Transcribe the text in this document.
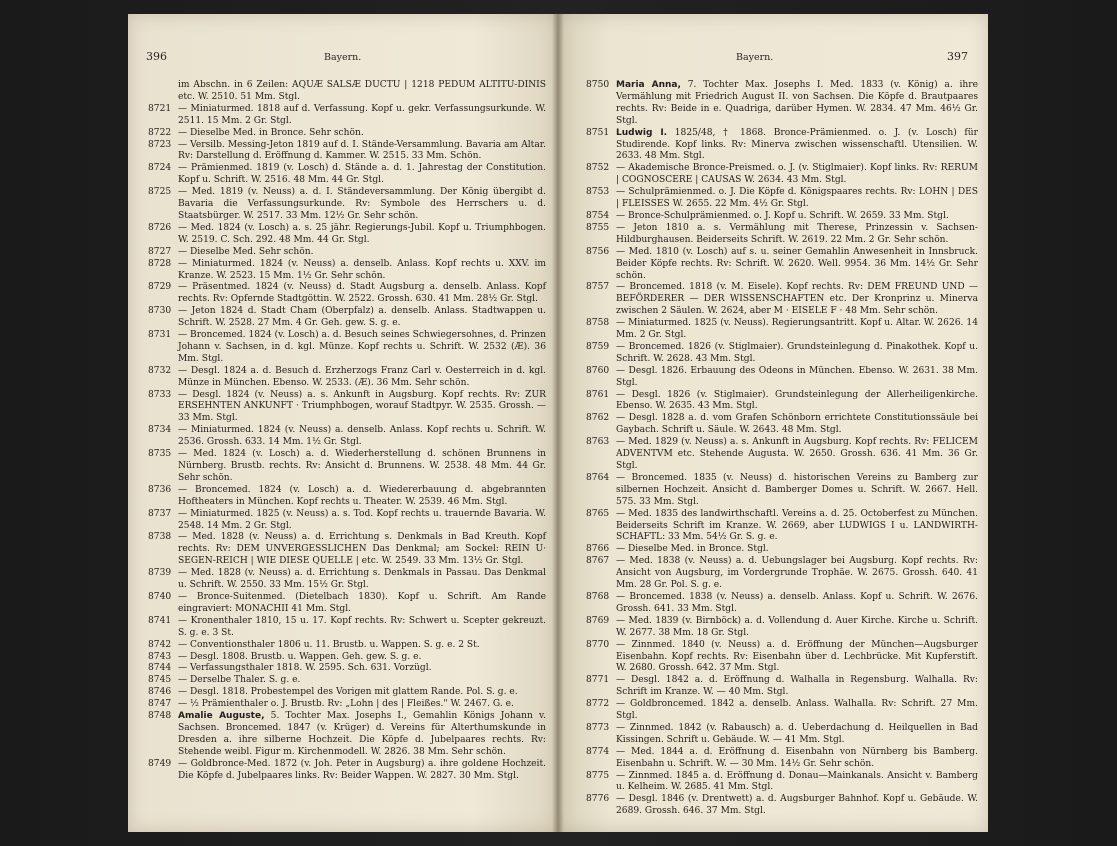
396	Bayern.
im Abschn. in 6 Zeilen: AQUÆ SALSÆ DUCTU | 1218 PEDUM ALTITU-DINIS etc. W. 2510. 51 Mm. Stgl.
8721 — Miniaturmed. 1818 auf d. Verfassung. Kopf u. gekr. Verfassungsurkunde. W. 2511. 15 Mm. 2 Gr. Stgl.
8722 — Dieselbe Med. in Bronce. Sehr schön.
8723 — Versilb. Messing-Jeton 1819 auf d. I. Stände-Versammlung. Bavaria am Altar. Rv: Darstellung d. Eröffnung d. Kammer. W. 2515. 33 Mm. Schön.
8724 — Prämienmed. 1819 (v. Losch) d. Stände a. d. 1. Jahrestag der Constitution. Kopf u. Schrift. W. 2516. 48 Mm. 44 Gr. Stgl.
8725 — Med. 1819 (v. Neuss) a. d. I. Ständeversammlung. Der König übergibt d. Bavaria die Verfassungsurkunde. Rv: Symbole des Herrschers u. d. Staatsbürger. W. 2517. 33 Mm. 12½ Gr. Sehr schön.
8726 — Med. 1824 (v. Losch) a. s. 25 jähr. Regierungs-Jubil. Kopf u. Triumphbogen. W. 2519. C. Sch. 292. 48 Mm. 44 Gr. Stgl.
8727 — Dieselbe Med. Sehr schön.
8728 — Miniaturmed. 1824 (v. Neuss) a. denselb. Anlass. Kopf rechts u. XXV. im Kranze. W. 2523. 15 Mm. 1½ Gr. Sehr schön.
8729 — Präsentmed. 1824 (v. Neuss) d. Stadt Augsburg a. denselb. Anlass. Kopf rechts. Rv: Opfernde Stadtgöttin. W. 2522. Grossh. 630. 41 Mm. 28½ Gr. Stgl.
8730 — Jeton 1824 d. Stadt Cham (Oberpfalz) a. denselb. Anlass. Stadtwappen u. Schrift. W. 2528. 27 Mm. 4 Gr. Geh. gew. S. g. e.
8731 — Broncemed. 1824 (v. Losch) a. d. Besuch seines Schwiegersohnes, d. Prinzen Johann v. Sachsen, in d. kgl. Münze. Kopf rechts u. Schrift. W. 2532 (Æ). 36 Mm. Stgl.
8732 — Desgl. 1824 a. d. Besuch d. Erzherzogs Franz Carl v. Oesterreich in d. kgl. Münze in München. Ebenso. W. 2533. (Æ). 36 Mm. Sehr schön.
8733 — Desgl. 1824 (v. Neuss) a. s. Ankunft in Augsburg. Kopf rechts. Rv: ZUR ERSEHNTEN ANKUNFT · Triumphbogen, worauf Stadtpyr. W. 2535. Grossh. — 33 Mm. Stgl.
8734 — Miniaturmed. 1824 (v. Neuss) a. denselb. Anlass. Kopf rechts u. Schrift. W. 2536. Grossh. 633. 14 Mm. 1½ Gr. Stgl.
8735 — Med. 1824 (v. Losch) a. d. Wiederherstellung d. schönen Brunnens in Nürnberg. Brustb. rechts. Rv: Ansicht d. Brunnens. W. 2538. 48 Mm. 44 Gr. Sehr schön.
8736 — Broncemed. 1824 (v. Losch) a. d. Wiedererbauung d. abgebrannten Hoftheaters in München. Kopf rechts u. Theater. W. 2539. 46 Mm. Stgl.
8737 — Miniaturmed. 1825 (v. Neuss) a. s. Tod. Kopf rechts u. trauernde Bavaria. W. 2548. 14 Mm. 2 Gr. Stgl.
8738 — Med. 1828 (v. Neuss) a. d. Errichtung s. Denkmals in Bad Kreuth. Kopf rechts. Rv: DEM UNVERGESSLICHEN Das Denkmal; am Sockel: REIN U· SEGEN-REICH | WIE DIESE QUELLE | etc. W. 2549. 33 Mm. 13½ Gr. Stgl.
8739 — Med. 1828 (v. Neuss) a. d. Errichtung s. Denkmals in Passau. Das Denkmal u. Schrift. W. 2550. 33 Mm. 15½ Gr. Stgl.
8740 — Bronce-Suitenmed. (Dietelbach 1830). Kopf u. Schrift. Am Rande eingraviert: MONACHII 41 Mm. Stgl.
8741 — Kronenthaler 1810, 15 u. 17. Kopf rechts. Rv: Schwert u. Scepter gekreuzt. S. g. e. 3 St.
8742 — Conventionsthaler 1806 u. 11. Brustb. u. Wappen. S. g. e. 2 St.
8743 — Desgl. 1808. Brustb. u. Wappen. Geh. gew. S. g. e.
8744 — Verfassungsthaler 1818. W. 2595. Sch. 631. Vorzügl.
8745 — Derselbe Thaler. S. g. e.
8746 — Desgl. 1818. Probestempel des Vorigen mit glattem Rande. Pol. S. g. e.
8747 — ½ Prämienthaler o. J. Brustb. Rv: „Lohn | des | Fleißes." W. 2467. G. e.
8748 Amalie Auguste, 5. Tochter Max. Josephs I., Gemahlin Königs Johann v. Sachsen. Broncemed. 1847 (v. Krüger) d. Vereins für Alterthumskunde in Dresden a. ihre silberne Hochzeit. Die Köpfe d. Jubelpaares rechts. Rv: Stehende weibl. Figur m. Kirchenmodell. W. 2826. 38 Mm. Sehr schön.
8749 — Goldbronce-Med. 1872 (v. Joh. Peter in Augsburg) a. ihre goldene Hochzeit. Die Köpfe d. Jubelpaares links. Rv: Beider Wappen. W. 2827. 30 Mm. Stgl.
Bayern.	397
8750 Maria Anna, 7. Tochter Max. Josephs I. Med. 1833 (v. König) a. ihre Vermählung mit Friedrich August II. von Sachsen. Die Köpfe d. Brautpaares rechts. Rv: Beide in e. Quadriga, darüber Hymen. W. 2834. 47 Mm. 46½ Gr. Stgl.
8751 Ludwig I. 1825/48, † 1868. Bronce-Prämienmed. o. J. (v. Losch) für Studirende. Kopf links. Rv: Minerva zwischen wissenschaftl. Utensilien. W. 2633. 48 Mm. Stgl.
8752 — Akademische Bronce-Preismed. o. J. (v. Stiglmaier). Kopf links. Rv: RERUM | COGNOSCERE | CAUSAS W. 2634. 43 Mm. Stgl.
8753 — Schulprämienmed. o. J. Die Köpfe d. Königspaares rechts. Rv: LOHN | DES | FLEISSES W. 2655. 22 Mm. 4½ Gr. Stgl.
8754 — Bronce-Schulprämienmed. o. J. Kopf u. Schrift. W. 2659. 33 Mm. Stgl.
8755 — Jeton 1810 a. s. Vermählung mit Therese, Prinzessin v. Sachsen-Hildburghausen. Beiderseits Schrift. W. 2619. 22 Mm. 2 Gr. Sehr schön.
8756 — Med. 1810 (v. Losch) auf s. u. seiner Gemahlin Anwesenheit in Innsbruck. Beider Köpfe rechts. Rv: Schrift. W. 2620. Well. 9954. 36 Mm. 14½ Gr. Sehr schön.
8757 — Broncemed. 1818 (v. M. Eisele). Kopf rechts. Rv: DEM FREUND UND — BEFÖRDERER — DER WISSENSCHAFTEN etc. Der Kronprinz u. Minerva zwischen 2 Säulen. W. 2624, aber M · EISELE F · 48 Mm. Sehr schön.
8758 — Miniaturmed. 1825 (v. Neuss). Regierungsantritt. Kopf u. Altar. W. 2626. 14 Mm. 2 Gr. Stgl.
8759 — Broncemed. 1826 (v. Stiglmaier). Grundsteinlegung d. Pinakothek. Kopf u. Schrift. W. 2628. 43 Mm. Stgl.
8760 — Desgl. 1826. Erbauung des Odeons in München. Ebenso. W. 2631. 38 Mm. Stgl.
8761 — Desgl. 1826 (v. Stiglmaier). Grundsteinlegung der Allerheiligenkirche. Ebenso. W. 2635. 43 Mm. Stgl.
8762 — Desgl. 1828 a. d. vom Grafen Schönborn errichtete Constitutionssäule bei Gaybach. Schrift u. Säule. W. 2643. 48 Mm. Stgl.
8763 — Med. 1829 (v. Neuss) a. s. Ankunft in Augsburg. Kopf rechts. Rv: FELICEM ADVENTVM etc. Stehende Augusta. W. 2650. Grossh. 636. 41 Mm. 36 Gr. Stgl.
8764 — Broncemed. 1835 (v. Neuss) d. historischen Vereins zu Bamberg zur silbernen Hochzeit. Ansicht d. Bamberger Domes u. Schrift. W. 2667. Hell. 575. 33 Mm. Stgl.
8765 — Med. 1835 des landwirthschaftl. Vereins a. d. 25. Octoberfest zu München. Beiderseits Schrift im Kranze. W. 2669, aber LUDWIGS I u. LANDWIRTH-SCHAFTL: 33 Mm. 54½ Gr. S. g. e.
8766 — Dieselbe Med. in Bronce. Stgl.
8767 — Med. 1838 (v. Neuss) a. d. Uebungslager bei Augsburg. Kopf rechts. Rv: Ansicht von Augsburg, im Vordergrunde Trophäe. W. 2675. Grossh. 640. 41 Mm. 28 Gr. Pol. S. g. e.
8768 — Broncemed. 1838 (v. Neuss) a. denselb. Anlass. Kopf u. Schrift. W. 2676. Grossh. 641. 33 Mm. Stgl.
8769 — Med. 1839 (v. Birnböck) a. d. Vollendung d. Auer Kirche. Kirche u. Schrift. W. 2677. 38 Mm. 18 Gr. Stgl.
8770 — Zinnmed. 1840 (v. Neuss) a. d. Eröffnung der München—Augsburger Eisenbahn. Kopf rechts. Rv: Eisenbahn über d. Lechbrücke. Mit Kupferstift. W. 2680. Grossh. 642. 37 Mm. Stgl.
8771 — Desgl. 1842 a. d. Eröffnung d. Walhalla in Regensburg. Walhalla. Rv: Schrift im Kranze. W. — 40 Mm. Stgl.
8772 — Goldbroncemed. 1842 a. denselb. Anlass. Walhalla. Rv: Schrift. 27 Mm. Stgl.
8773 — Zinnmed. 1842 (v. Rabausch) a. d. Ueberdachung d. Heilquellen in Bad Kissingen. Schrift u. Gebäude. W. — 41 Mm. Stgl.
8774 — Med. 1844 a. d. Eröffnung d. Eisenbahn von Nürnberg bis Bamberg. Eisenbahn u. Schrift. W. — 30 Mm. 14½ Gr. Sehr schön.
8775 — Zinnmed. 1845 a. d. Eröffnung d. Donau—Mainkanals. Ansicht v. Bamberg u. Kelheim. W. 2685. 41 Mm. Stgl.
8776 — Desgl. 1846 (v. Drentwett) a. d. Augsburger Bahnhof. Kopf u. Gebäude. W. 2689. Grossh. 646. 37 Mm. Stgl.
